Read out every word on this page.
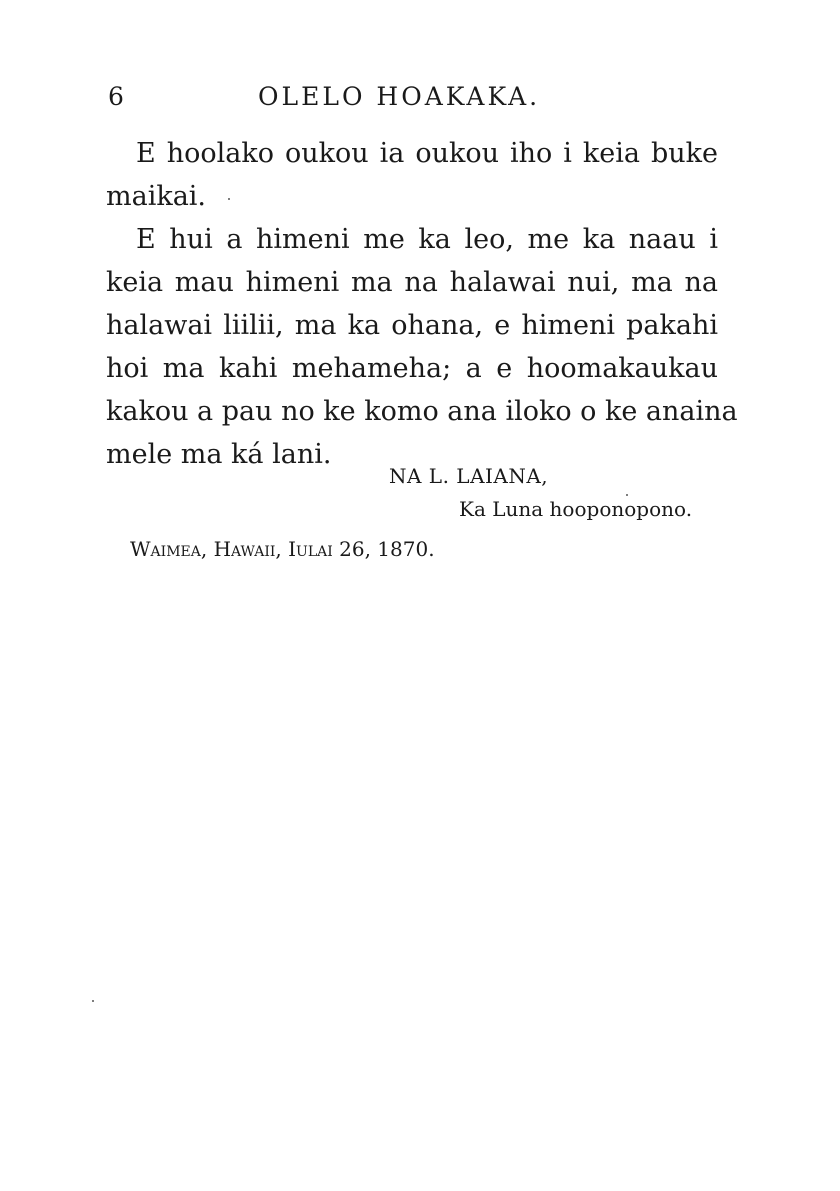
6	OLELO HOAKAKA.
E hoolako oukou ia oukou iho i keia buke
maikai.
E hui a himeni me ka leo, me ka naau i
keia mau himeni ma na halawai nui, ma na
halawai liilii, ma ka ohana, e himeni pakahi
hoi ma kahi mehameha; a e hoomakaukau
kakou a pau no ke komo ana iloko o ke anaina
mele ma ká lani.
NA L. LAIANA,
Ka Luna hooponopono.
Waimea, Hawaii, Iulai 26, 1870.
